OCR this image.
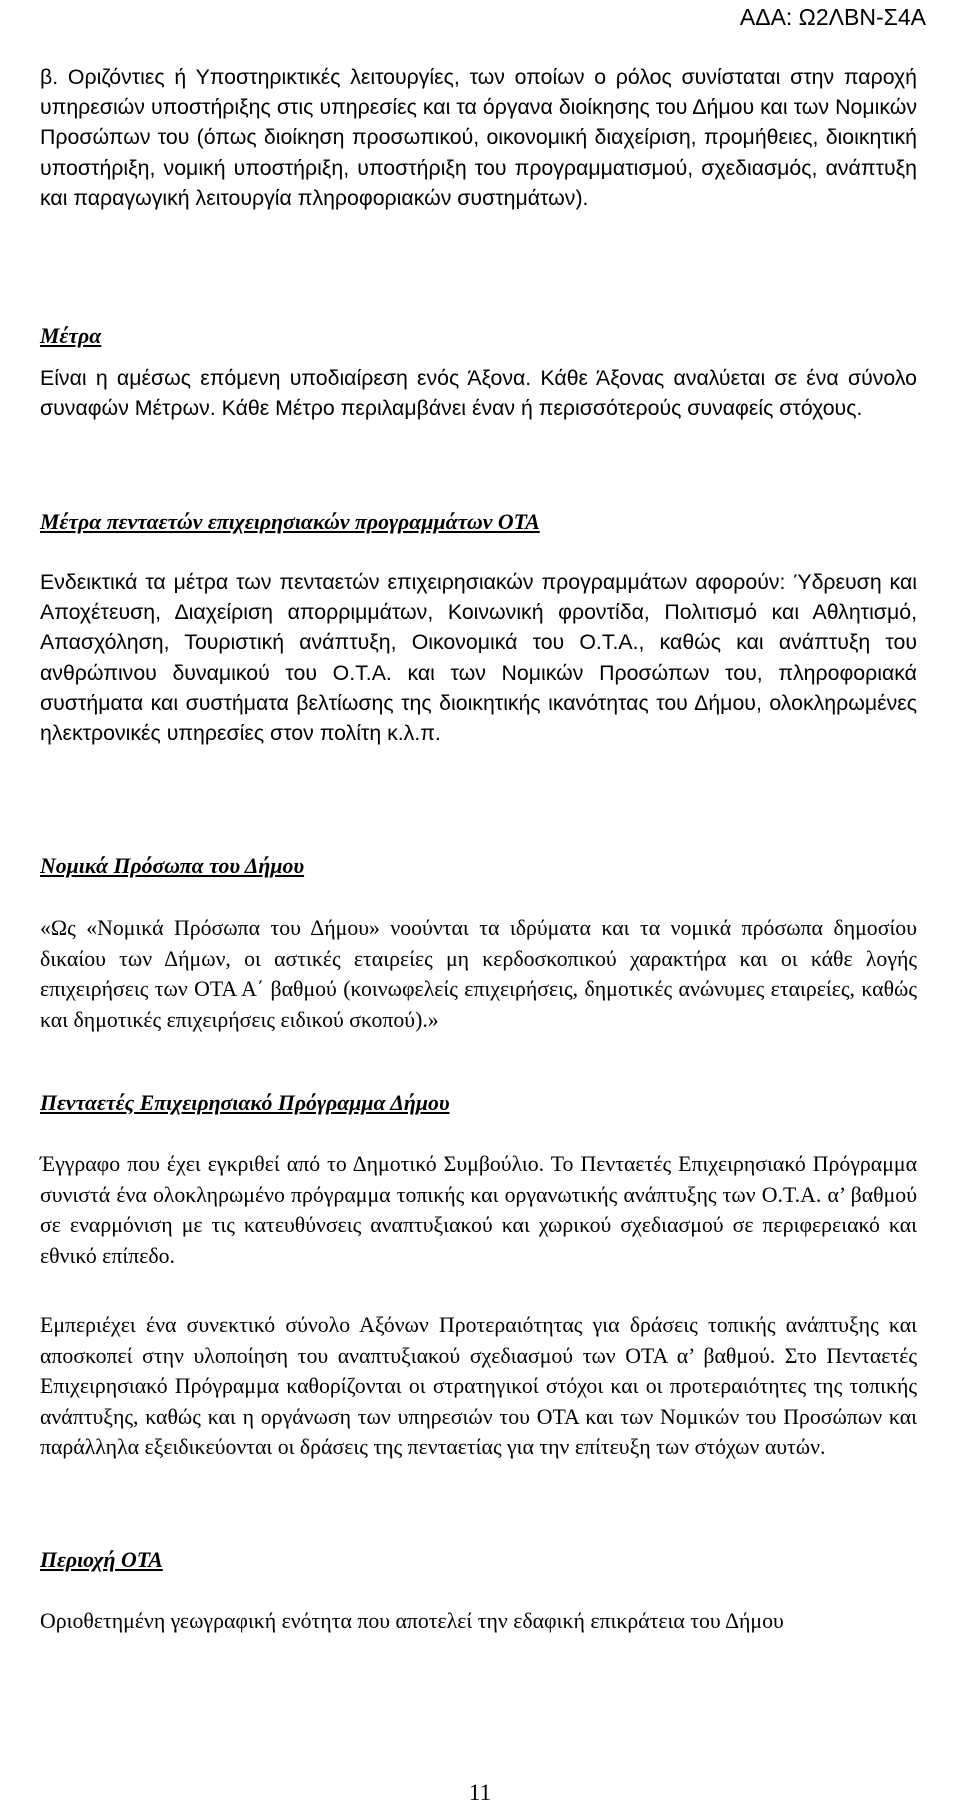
ΑΔΑ: Ω2ΛΒΝ-Σ4Α

β. Οριζόντιες ή Υποστηρικτικές λειτουργίες, των οποίων ο ρόλος συνίσταται στην παροχή υπηρεσιών υποστήριξης στις υπηρεσίες και τα όργανα διοίκησης του Δήμου και των Νομικών Προσώπων του (όπως διοίκηση προσωπικού, οικονομική διαχείριση, προμήθειες, διοικητική υποστήριξη, νομική υποστήριξη, υποστήριξη του προγραμματισμού, σχεδιασμός, ανάπτυξη και παραγωγική λειτουργία πληροφοριακών συστημάτων).

Μέτρα

Είναι η αμέσως επόμενη υποδιαίρεση ενός Άξονα. Κάθε Άξονας αναλύεται σε ένα σύνολο συναφών Μέτρων. Κάθε Μέτρο περιλαμβάνει έναν ή περισσότερούς συναφείς στόχους.

Μέτρα πενταετών επιχειρησιακών προγραμμάτων ΟΤΑ

Ενδεικτικά τα μέτρα των πενταετών επιχειρησιακών προγραμμάτων αφορούν: Ύδρευση και Αποχέτευση, Διαχείριση απορριμμάτων, Κοινωνική φροντίδα, Πολιτισμό και Αθλητισμό, Απασχόληση, Τουριστική ανάπτυξη, Οικονομικά του Ο.Τ.Α., καθώς και ανάπτυξη του ανθρώπινου δυναμικού του Ο.Τ.Α. και των Νομικών Προσώπων του, πληροφοριακά συστήματα και συστήματα βελτίωσης της διοικητικής ικανότητας του Δήμου, ολοκληρωμένες ηλεκτρονικές υπηρεσίες στον πολίτη κ.λ.π.

Νομικά Πρόσωπα του Δήμου

«Ως «Νομικά Πρόσωπα του Δήμου» νοούνται τα ιδρύματα και τα νομικά πρόσωπα δημοσίου δικαίου των Δήμων, οι αστικές εταιρείες μη κερδοσκοπικού χαρακτήρα και οι κάθε λογής επιχειρήσεις των ΟΤΑ Α΄ βαθμού (κοινωφελείς επιχειρήσεις, δημοτικές ανώνυμες εταιρείες, καθώς και δημοτικές επιχειρήσεις ειδικού σκοπού).»

Πενταετές Επιχειρησιακό Πρόγραμμα Δήμου

Έγγραφο που έχει εγκριθεί από το Δημοτικό Συμβούλιο. Το Πενταετές Επιχειρησιακό Πρόγραμμα συνιστά ένα ολοκληρωμένο πρόγραμμα τοπικής και οργανωτικής ανάπτυξης των Ο.Τ.Α. α’ βαθμού σε εναρμόνιση με τις κατευθύνσεις αναπτυξιακού και χωρικού σχεδιασμού σε περιφερειακό και εθνικό επίπεδο.

Εμπεριέχει ένα συνεκτικό σύνολο Αξόνων Προτεραιότητας για δράσεις τοπικής ανάπτυξης και αποσκοπεί στην υλοποίηση του αναπτυξιακού σχεδιασμού των ΟΤΑ α’ βαθμού. Στο Πενταετές Επιχειρησιακό Πρόγραμμα καθορίζονται οι στρατηγικοί στόχοι και οι προτεραιότητες της τοπικής ανάπτυξης, καθώς και η οργάνωση των υπηρεσιών του ΟΤΑ και των Νομικών του Προσώπων και παράλληλα εξειδικεύονται οι δράσεις της πενταετίας για την επίτευξη των στόχων αυτών.

Περιοχή ΟΤΑ

Οριοθετημένη γεωγραφική ενότητα που αποτελεί την εδαφική επικράτεια του Δήμου

11
